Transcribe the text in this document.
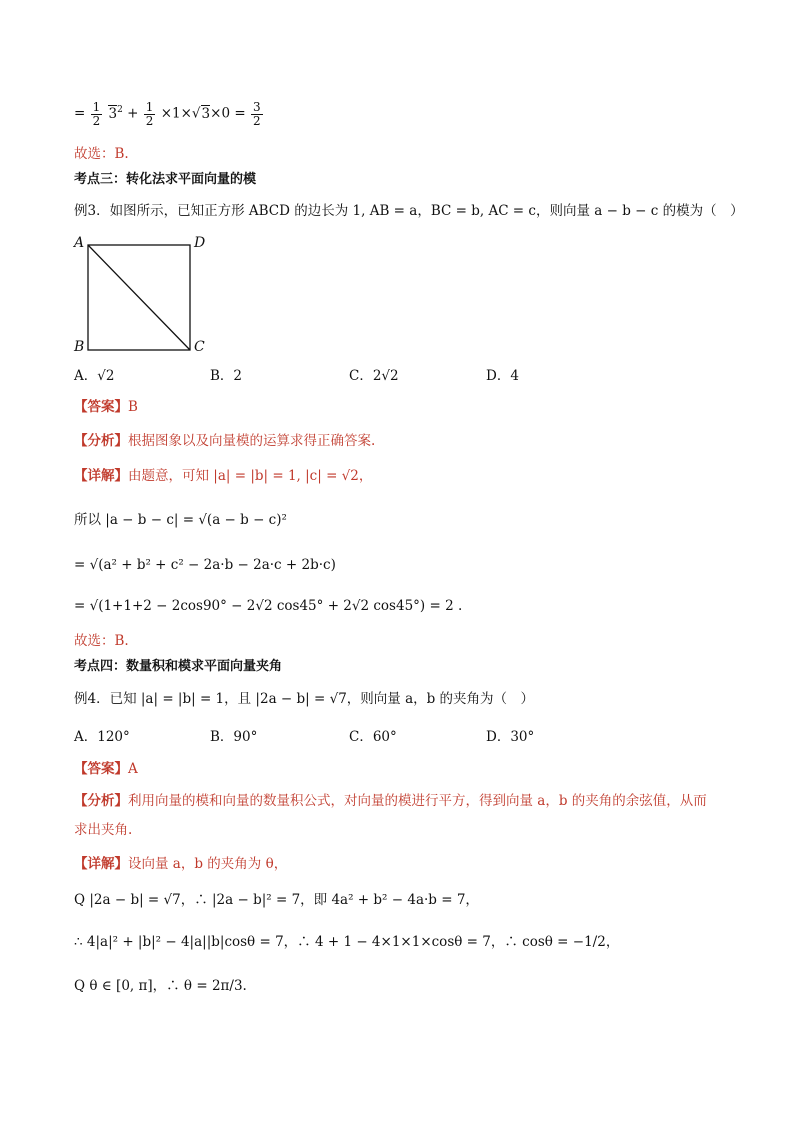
= $\frac{1}{2} 3^2 + \frac{1}{2} \times 1\times√3\times 0 = \frac{3}{2}$
故选：B.
考点三：转化法求平面向量的模
例3．如图所示，已知正方形 ABCD 的边长为 1, AB = a，BC = b, AC = c，则向量 a − b − c 的模为（　）
A	D
B	C
A．√2	B．2	C．2√2	D．4
【答案】B
【分析】根据图象以及向量模的运算求得正确答案.
【详解】由题意，可知 |a| = |b| = 1, |c| = √2，
所以 |a − b − c| = √(a − b − c)²
= √(a² + b² + c² − 2a·b − 2a·c + 2b·c)
= √(1+1+2 − 2cos90° − 2√2 cos45° + 2√2 cos45°) = 2 .
故选：B.
考点四：数量积和模求平面向量夹角
例4．已知 |a| = |b| = 1，且 |2a − b| = √7，则向量 a，b 的夹角为（　）
A．120°	B．90°	C．60°	D．30°
【答案】A
【分析】利用向量的模和向量的数量积公式，对向量的模进行平方，得到向量 a，b 的夹角的余弦值，从而
求出夹角.
【详解】设向量 a，b 的夹角为 θ，
Q |2a − b| = √7，∴ |2a − b|² = 7，即 4a² + b² − 4a·b = 7，
∴ 4|a|² + |b|² − 4|a||b|cosθ = 7，∴ 4 + 1 − 4×1×1×cosθ = 7，∴ cosθ = −1/2，
Q θ ∈ [0, π]，∴ θ = 2π/3.
